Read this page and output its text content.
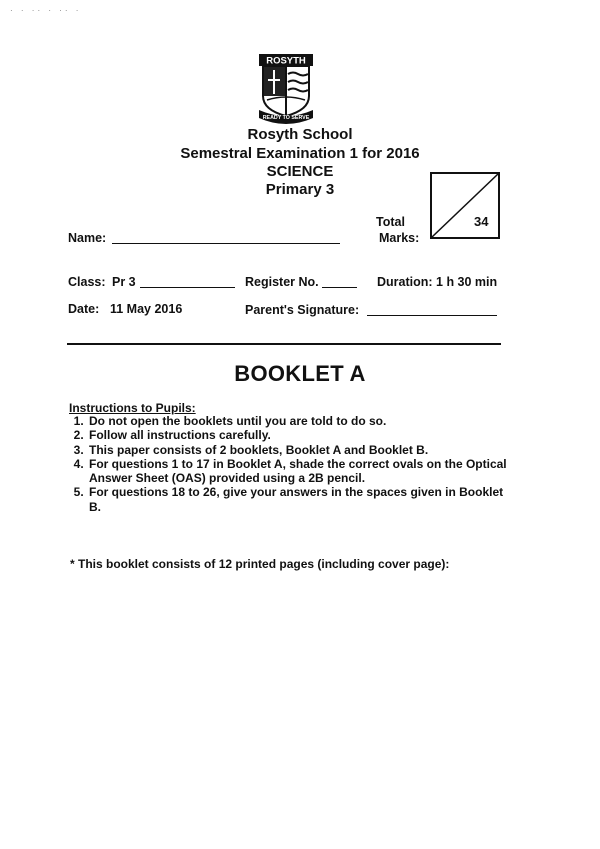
· · ·· · ·· ·
ROSYTH
READY TO SERVE
Rosyth School
Semestral Examination 1 for 2016
SCIENCE
Primary 3
Total
Marks:
34
Name:
Class: Pr 3	Register No.	Duration: 1 h 30 min
Date: 11 May 2016	Parent's Signature:
BOOKLET A
Instructions to Pupils:
1. Do not open the booklets until you are told to do so.
2. Follow all instructions carefully.
3. This paper consists of 2 booklets, Booklet A and Booklet B.
4. For questions 1 to 17 in Booklet A, shade the correct ovals on the Optical Answer Sheet (OAS) provided using a 2B pencil.
5. For questions 18 to 26, give your answers in the spaces given in Booklet B.
* This booklet consists of 12 printed pages (including cover page):
